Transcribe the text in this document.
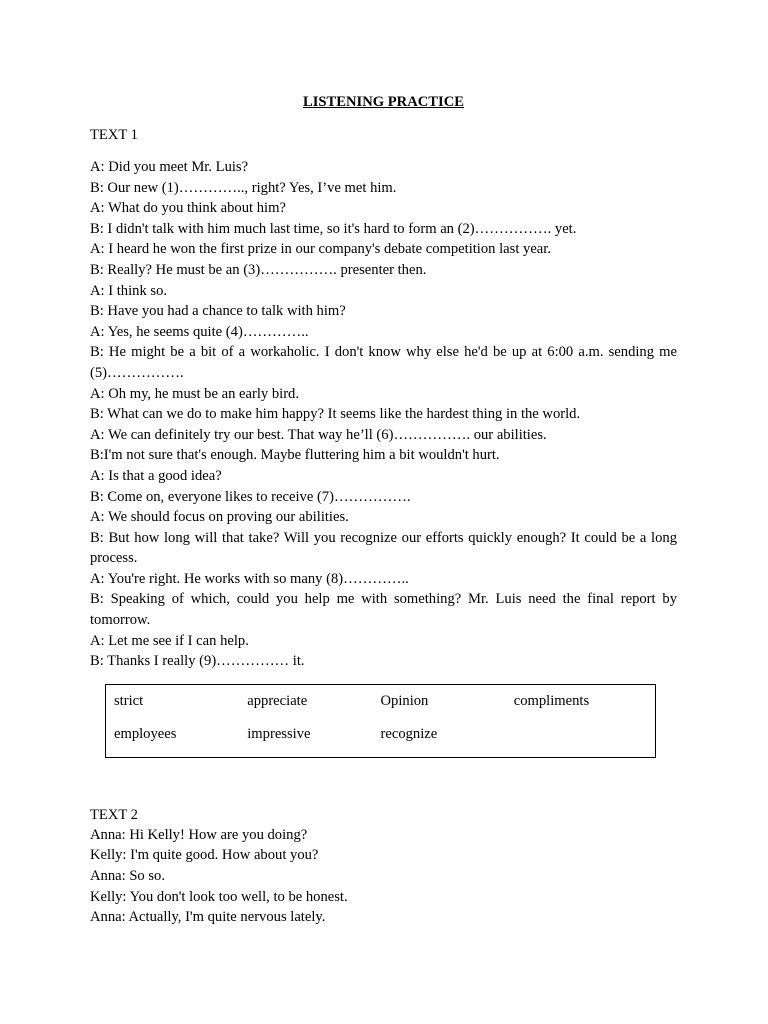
LISTENING PRACTICE
TEXT 1
A: Did you meet Mr. Luis?
B: Our new (1)………….., right? Yes, I’ve met him.
A: What do you think about him?
B: I didn't talk with him much last time, so it's hard to form an (2)……………. yet.
A: I heard he won the first prize in our company's debate competition last year.
B: Really? He must be an (3)……………. presenter then.
A: I think so.
B: Have you had a chance to talk with him?
A: Yes, he seems quite (4)…………..
B: He might be a bit of a workaholic. I don't know why else he'd be up at 6:00 a.m. sending me (5)…………….
A: Oh my, he must be an early bird.
B: What can we do to make him happy? It seems like the hardest thing in the world.
A: We can definitely try our best. That way he’ll (6)……………. our abilities.
B:I'm not sure that's enough. Maybe fluttering him a bit wouldn't hurt.
A: Is that a good idea?
B: Come on, everyone likes to receive (7)…………….
A: We should focus on proving our abilities.
B: But how long will that take? Will you recognize our efforts quickly enough? It could be a long process.
A: You're right. He works with so many (8)…………..
B: Speaking of which, could you help me with something? Mr. Luis need the final report by tomorrow.
A: Let me see if I can help.
B: Thanks I really (9)…………… it.
strict	appreciate	Opinion	compliments
employees	impressive	recognize
TEXT 2
Anna: Hi Kelly! How are you doing?
Kelly: I'm quite good. How about you?
Anna: So so.
Kelly: You don't look too well, to be honest.
Anna: Actually, I'm quite nervous lately.
